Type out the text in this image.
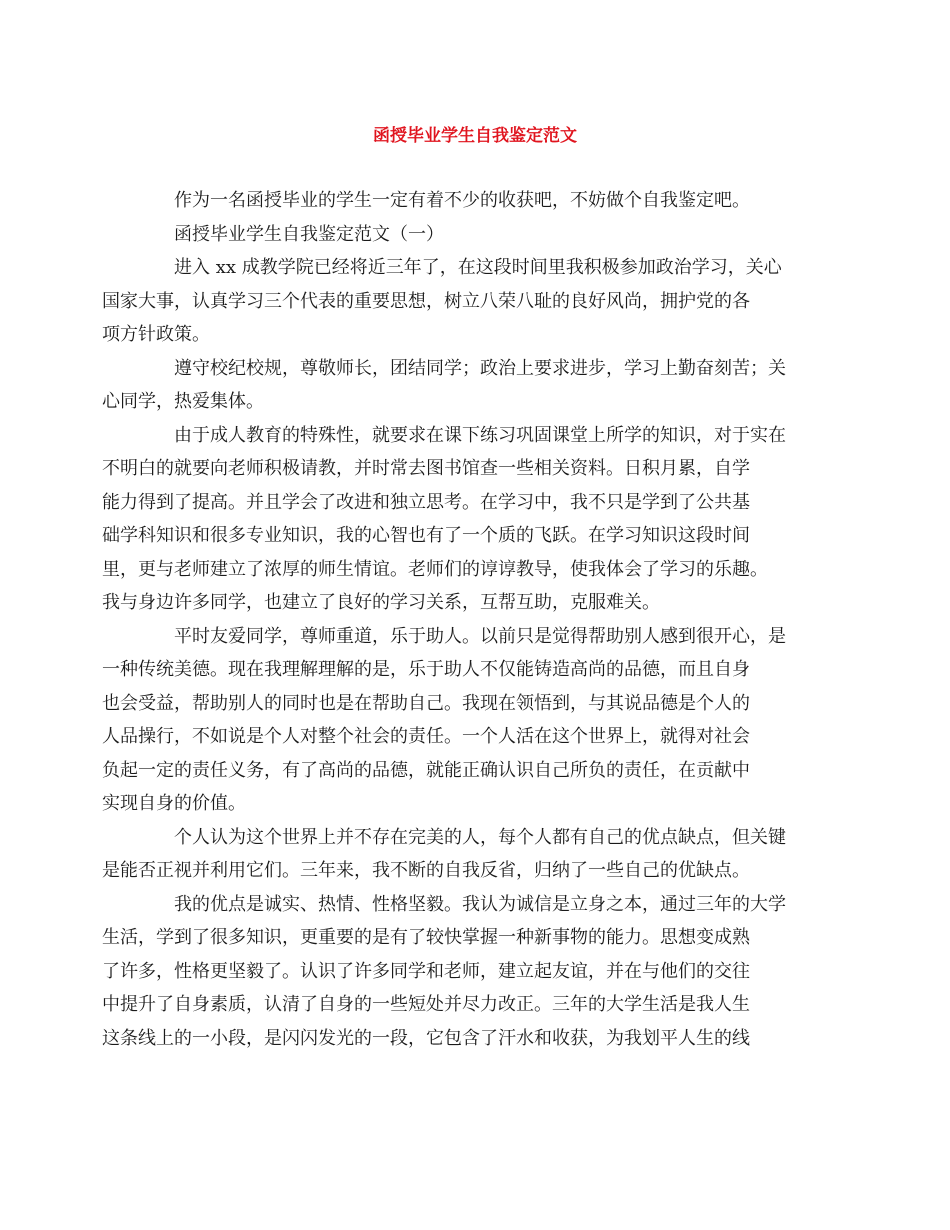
函授毕业学生自我鉴定范文

作为一名函授毕业的学生一定有着不少的收获吧，不妨做个自我鉴定吧。

函授毕业学生自我鉴定范文（一）

进入 xx 成教学院已经将近三年了，在这段时间里我积极参加政治学习，关心
国家大事，认真学习三个代表的重要思想，树立八荣八耻的良好风尚，拥护党的各
项方针政策。

遵守校纪校规，尊敬师长，团结同学；政治上要求进步，学习上勤奋刻苦；关
心同学，热爱集体。

由于成人教育的特殊性，就要求在课下练习巩固课堂上所学的知识，对于实在
不明白的就要向老师积极请教，并时常去图书馆查一些相关资料。日积月累，自学
能力得到了提高。并且学会了改进和独立思考。在学习中，我不只是学到了公共基
础学科知识和很多专业知识，我的心智也有了一个质的飞跃。在学习知识这段时间
里，更与老师建立了浓厚的师生情谊。老师们的谆谆教导，使我体会了学习的乐趣。
我与身边许多同学，也建立了良好的学习关系，互帮互助，克服难关。

平时友爱同学，尊师重道，乐于助人。以前只是觉得帮助别人感到很开心，是
一种传统美德。现在我理解理解的是，乐于助人不仅能铸造高尚的品德，而且自身
也会受益，帮助别人的同时也是在帮助自己。我现在领悟到，与其说品德是个人的
人品操行，不如说是个人对整个社会的责任。一个人活在这个世界上，就得对社会
负起一定的责任义务，有了高尚的品德，就能正确认识自己所负的责任，在贡献中
实现自身的价值。

个人认为这个世界上并不存在完美的人，每个人都有自己的优点缺点，但关键
是能否正视并利用它们。三年来，我不断的自我反省，归纳了一些自己的优缺点。

我的优点是诚实、热情、性格坚毅。我认为诚信是立身之本，通过三年的大学
生活，学到了很多知识，更重要的是有了较快掌握一种新事物的能力。思想变成熟
了许多，性格更坚毅了。认识了许多同学和老师，建立起友谊，并在与他们的交往
中提升了自身素质，认清了自身的一些短处并尽力改正。三年的大学生活是我人生
这条线上的一小段，是闪闪发光的一段，它包含了汗水和收获，为我划平人生的线
